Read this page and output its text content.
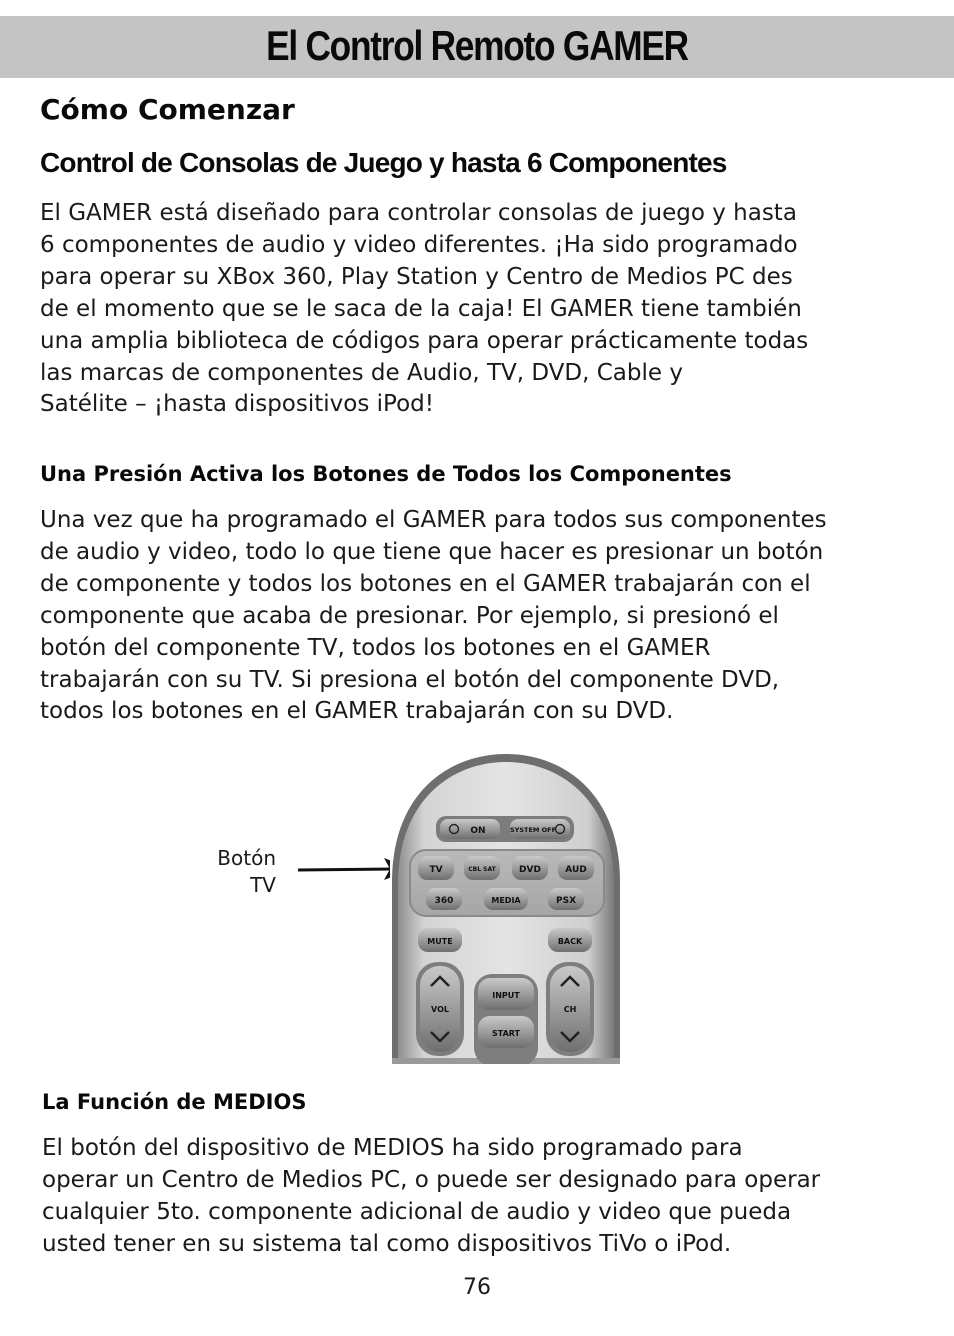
El Control Remoto GAMER
Cómo Comenzar
Control de Consolas de Juego y hasta 6 Componentes

El GAMER está diseñado para controlar consolas de juego y hasta
6 componentes de audio y video diferentes. ¡Ha sido programado
para operar su XBox 360, Play Station y Centro de Medios PC des
de el momento que se le saca de la caja! El GAMER tiene también
una amplia biblioteca de códigos para operar prácticamente todas
las marcas de componentes de Audio, TV, DVD, Cable y
Satélite – ¡hasta dispositivos iPod!

Una Presión Activa los Botones de Todos los Componentes

Una vez que ha programado el GAMER para todos sus componentes
de audio y video, todo lo que tiene que hacer es presionar un botón
de componente y todos los botones en el GAMER trabajarán con el
componente que acaba de presionar. Por ejemplo, si presionó el
botón del componente TV, todos los botones en el GAMER
trabajarán con su TV. Si presiona el botón del componente DVD,
todos los botones en el GAMER trabajarán con su DVD.

Botón
TV
ON	SYSTEM OFF
TV	CBL SAT	DVD	AUD
360	MEDIA	PSX
MUTE	BACK
VOL	CH
INPUT
START
La Función de MEDIOS

El botón del dispositivo de MEDIOS ha sido programado para
operar un Centro de Medios PC, o puede ser designado para operar
cualquier 5to. componente adicional de audio y video que pueda
usted tener en su sistema tal como dispositivos TiVo o iPod.

76
